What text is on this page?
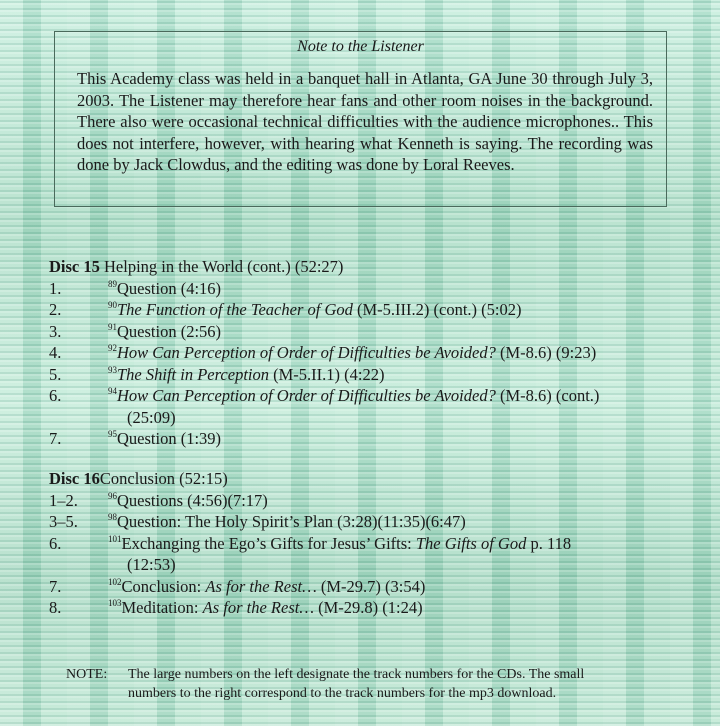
Note to the Listener

This Academy class was held in a banquet hall in Atlanta, GA June 30 through July 3, 2003. The Listener may therefore hear fans and other room noises in the background. There also were occasional technical difficulties with the audience microphones.. This does not interfere, however, with hearing what Kenneth is saying. The recording was done by Jack Clowdus, and the editing was done by Loral Reeves.

Disc 15 Helping in the World (cont.) (52:27)
1.	$^{89}$Question (4:16)
2.	$^{90}$The Function of the Teacher of God (M-5.III.2) (cont.) (5:02)
3.	$^{91}$Question (2:56)
4.	$^{92}$How Can Perception of Order of Difficulties be Avoided? (M-8.6) (9:23)
5.	$^{93}$The Shift in Perception (M-5.II.1) (4:22)
6.	$^{94}$How Can Perception of Order of Difficulties be Avoided? (M-8.6) (cont.)
(25:09)
7.	$^{95}$Question (1:39)
Disc 16Conclusion (52:15)
1–2.	$^{96}$Questions (4:56)(7:17)
3–5.	$^{98}$Question: The Holy Spirit’s Plan (3:28)(11:35)(6:47)
6.	$^{101}$Exchanging the Ego’s Gifts for Jesus’ Gifts: The Gifts of God p. 118
(12:53)
7.	$^{102}$Conclusion: As for the Rest… (M-29.7) (3:54)
8.	$^{103}$Meditation: As for the Rest… (M-29.8) (1:24)
NOTE: The large numbers on the left designate the track numbers for the CDs. The small
numbers to the right correspond to the track numbers for the mp3 download.
